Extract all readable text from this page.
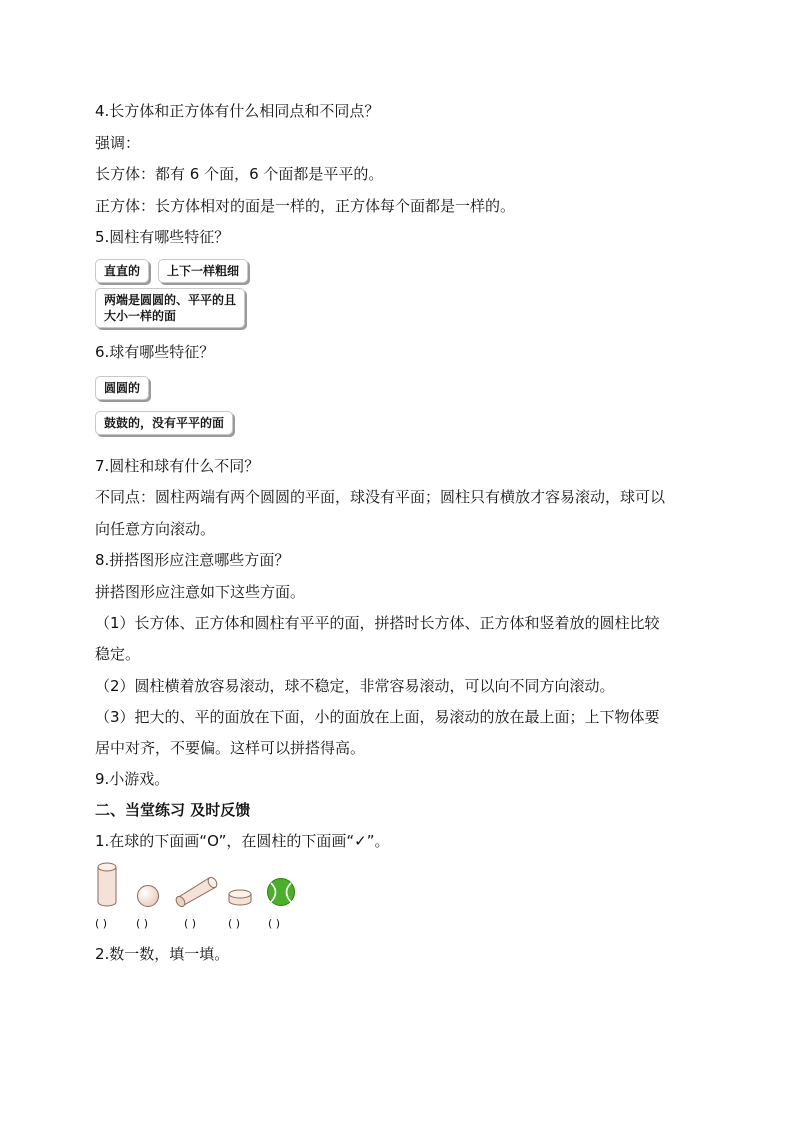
4.长方体和正方体有什么相同点和不同点？

强调：

长方体：都有 6 个面，6 个面都是平平的。

正方体：长方体相对的面是一样的，正方体每个面都是一样的。

5.圆柱有哪些特征？

直直的	上下一样粗细
两端是圆圆的、平平的且
大小一样的面

6.球有哪些特征？

圆圆的
鼓鼓的，没有平平的面

7.圆柱和球有什么不同？

不同点：圆柱两端有两个圆圆的平面，球没有平面；圆柱只有横放才容易滚动，球可以

向任意方向滚动。

8.拼搭图形应注意哪些方面？

拼搭图形应注意如下这些方面。

（1）长方体、正方体和圆柱有平平的面，拼搭时长方体、正方体和竖着放的圆柱比较

稳定。

（2）圆柱横着放容易滚动，球不稳定，非常容易滚动，可以向不同方向滚动。

（3）把大的、平的面放在下面，小的面放在上面，易滚动的放在最上面；上下物体要

居中对齐，不要偏。这样可以拼搭得高。

9.小游戏。

二、当堂练习 及时反馈

1.在球的下面画“O”，在圆柱的下面画“✓”。

( )	( )	( )	( )	( )

2.数一数，填一填。
